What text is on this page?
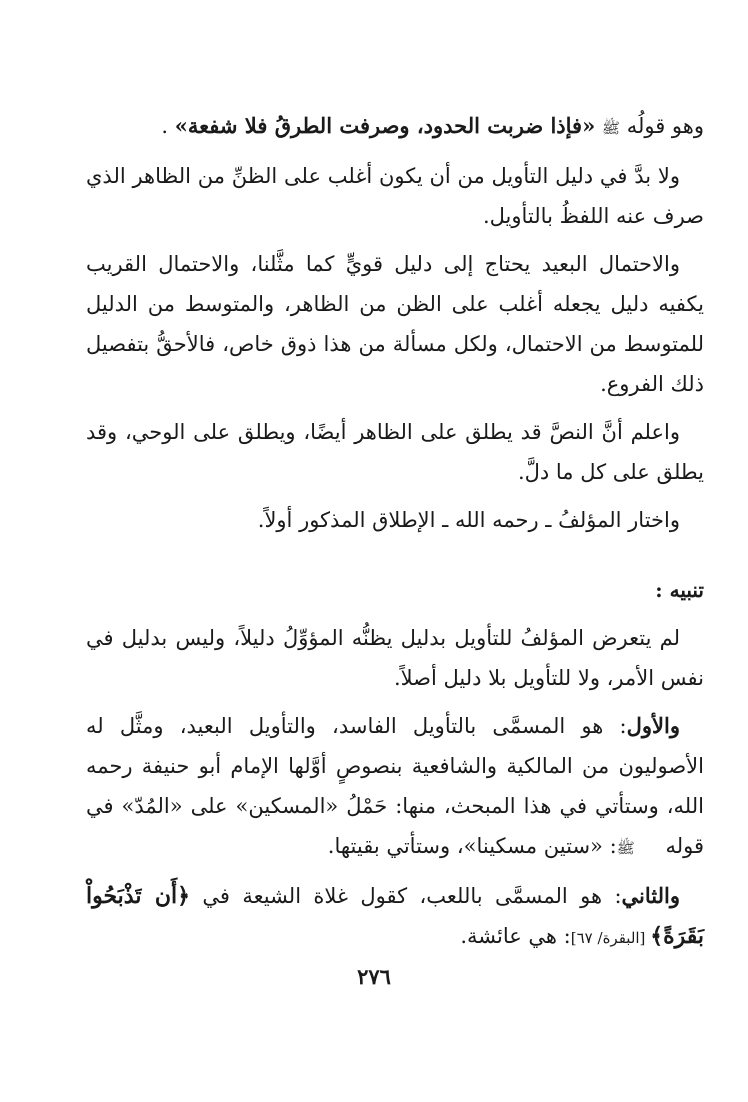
وهو قولُه ﷺ «فإذا ضربت الحدود، وصرفت الطرقُ فلا شفعة» .

ولا بدَّ في دليل التأويل من أن يكون أغلب على الظنِّ من الظاهر الذي صرف عنه اللفظُ بالتأويل.

والاحتمال البعيد يحتاج إلى دليل قويٍّ كما مثَّلنا، والاحتمال القريب يكفيه دليل يجعله أغلب على الظن من الظاهر، والمتوسط من الدليل للمتوسط من الاحتمال، ولكل مسألة من هذا ذوق خاص، فالأحقُّ بتفصيل ذلك الفروع.

واعلم أنَّ النصَّ قد يطلق على الظاهر أيضًا، ويطلق على الوحي، وقد يطلق على كل ما دلَّ.

واختار المؤلفُ ـ رحمه الله ـ الإطلاق المذكور أولاً.

تنبيه :

لم يتعرض المؤلفُ للتأويل بدليل يظنُّه المؤوِّلُ دليلاً، وليس بدليل في نفس الأمر، ولا للتأويل بلا دليل أصلاً.

والأول: هو المسمَّى بالتأويل الفاسد، والتأويل البعيد، ومثَّل له الأصوليون من المالكية والشافعية بنصوصٍ أوَّلها الإمام أبو حنيفة رحمه الله، وستأتي في هذا المبحث، منها: حَمْلُ «المسكين» على «المُدّ» في قوله ﷺ: «ستين مسكينا»، وستأتي بقيتها.

والثاني: هو المسمَّى باللعب، كقول غلاة الشيعة في ﴿أَن تَذْبَحُواْ بَقَرَةً﴾ [البقرة/ ٦٧]: هي عائشة.

٢٧٦
